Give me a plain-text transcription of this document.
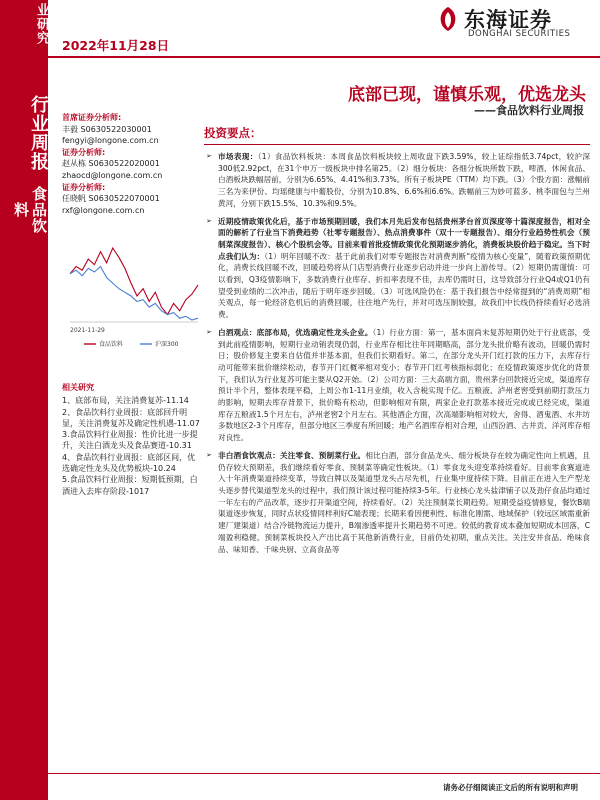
业研究
行业周报
食品饮料
2022年11月28日
东海证券
DONGHAI SECURITIES
底部已现，谨慎乐观，优选龙头
——食品饮料行业周报
首席证券分析师:
丰毅 S0630522030001
fengyi@longone.com.cn
证券分析师:
赵从栋 S0630522020001
zhaocd@longone.com.cn
证券分析师:
任晓帆 S0630522070001
rxf@longone.com.cn
2021-11-29
食品饮料	沪深300
相关研究
1、底部布局，关注消费复苏-11.14
2、食品饮料行业周报：底部回升明显，关注消费复苏及确定性机遇-11.07
3.食品饮料行业周报：性价比进一步提升，关注白酒龙头及食品赛道-10.31
4、食品饮料行业周报：底部区间，优选确定性龙头及优势板块-10.24
5.食品饮料行业周报：短期低预期，白酒进入去库存阶段-1017
投资要点：
➢ 市场表现：（1）食品饮料板块：本周食品饮料板块较上周收盘下跌3.59%，较上证综指低3.74pct，较沪深300低2.92pct，在31个申万一级板块中排名第25。（2）细分板块：各细分板块所数下跌，啤酒、休闲食品、白酒板块跌幅居前，分别为6.65%、4.41%和3.73%。所有子板块PE（TTM）均下跌。（3）个股方面：涨幅前三名为来伊份、均瑶健康与中葡股份，分别为10.8%、6.6%和6.6%。跌幅前三为妙可蓝多、桃李面包与兰州黄河，分别下跌15.5%、10.3%和9.5%。
➢ 近期疫情政策优化后，基于市场预期回暖，我们本月先后发布包括贵州茅台首页深度等十篇深度报告，相对全面的解析了行业当下消费趋势（社零专题报告）、热点消费事件（双十一专题报告）、细分行业趋势性机会（预制菜深度报告）、核心个股机会等。目前来看首批疫情政策优化预期逐步消化，消费板块股价趋于稳定。当下时点我们认为：（1）明年回暖不改：基于此前我们对零专题报告对消费判断“疫情为核心变量”，随着政策预期优化，消费长线回暖不改，回暖趋势将从门店型消费行业逐步启动并进一步向上游传导。（2）短期仍需谨慎：可以看到，Q3疫情影响下，多数消费行业库存、折扣率表现不佳，去库仍需时日，这导致部分行业Q4或Q1仍有望受到业绩的二次冲击，随后于明年逐步回暖。（3）可选风险仍在：基于我们报告中经常提到的“消费周期”相关观点，每一轮经济危机后的消费回暖，往往地产先行，并对可选压制较强，故我们中长线仍持续看好必选消费。
➢ 白酒观点：底部布局，优选确定性龙头企业。（1）行业方面：第一，基本面尚未复苏短期仍处于行业底部，受到此前疫情影响，短期行业动销表现仍弱，行业库存相比往年同期略高，部分龙头批价略有波动，回暖仍需时日；股价修复主要来自估值并非基本面，但我们长期看好。第二，在部分龙头开门红打款的压力下，去库存行动可能带来批价继续松动，春节开门红概率相对变小；春节开门红考核指标弱化；在疫情政策逐步优化的背景下，我们认为行业复苏可能主要从Q2开始。（2）公司方面：三大高端方面，贵州茅台回款接近完成，渠道库存预计半个月，整体表现平稳，上周公布1-11月业绩，收入含税实现千亿。五粮液、泸州老窖受到前期打款压力的影响，短期去库存背景下，批价略有松动，但影响相对有限，两家企业打款基本接近完成或已经完成，渠道库存五粮液1.5个月左右，泸州老窖2个月左右。其他酒企方面，次高端影响相对较大，舍得、酒鬼酒、水井坊多数地区2-3个月库存，但部分地区三季度有所回暖；地产名酒库存相对合理，山西汾酒、古井贡、洋河库存相对良性。
➢ 非白酒食饮观点：关注零食、预制菜行业。相比白酒，部分食品龙头、细分板块存在较为确定性向上机遇，且仍存较大预期差，我们继续看好零食、预制菜等确定性板块。（1）零食龙头迎变革持续看好。目前零食赛道进入十年消费渠道持续变革，导致白牌以及渠道型龙头占尽先机，行业集中度持续下降。目前正在进入生产型龙头逐步替代渠道型龙头的过程中，我们预计该过程可能持续3-5年。行业核心龙头盐津铺子以及劲仔食品均通过一年左右的产品改革，逐步打开渠道空间，持续看好。（2）关注预制菜长期趋势。短期受益疫情修复，餐饮B端渠道逐步恢复，同时点状疫情同样利好C端表现；长期来看因便利性、标准化刚需、地域保护（较远区域需重新建厂建渠道）结合冷链物流运力提升，B端渗透率提升长期趋势不可逆。较低的教育成本叠加短期成本回落，C端盈利稳健。预制菜板块投入产出比高于其他新消费行业，目前仍处初期，重点关注。关注安井食品、绝味食品、味知香、千味央厨、立高食品等
请务必仔细阅读正文后的所有说明和声明
